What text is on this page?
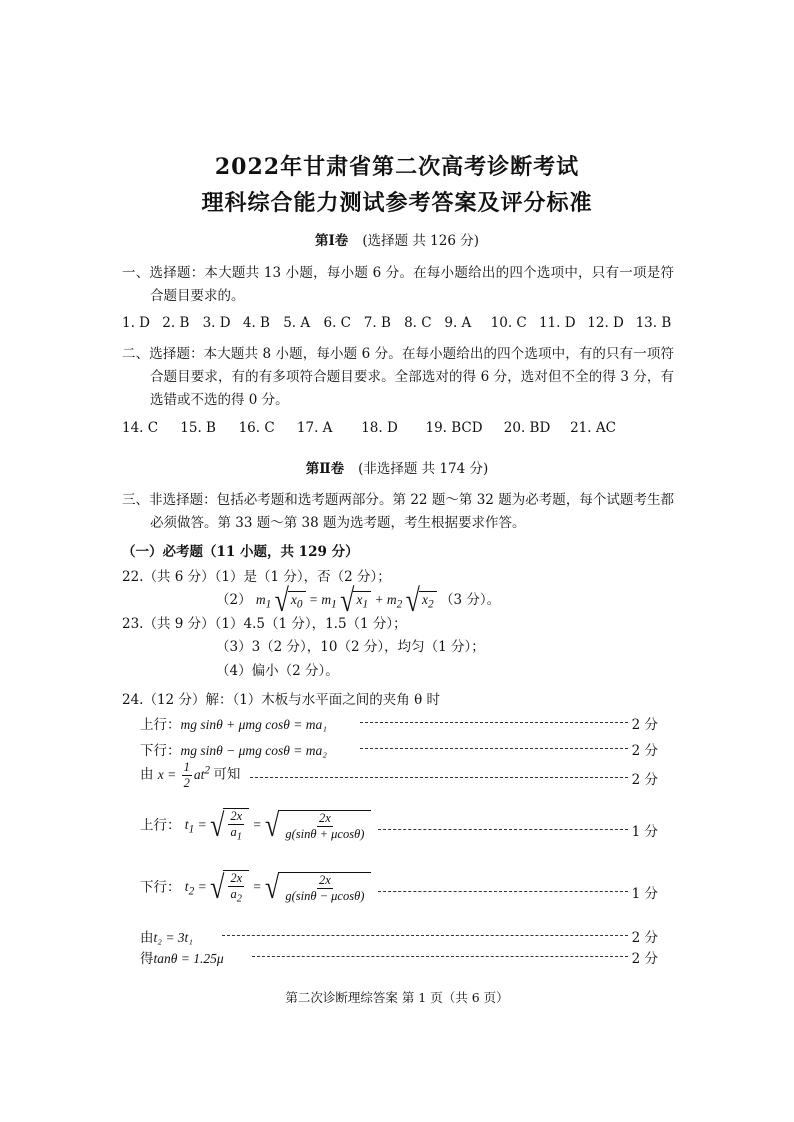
2022年甘肃省第二次高考诊断考试
理科综合能力测试参考答案及评分标准
第Ⅰ卷 (选择题 共 126 分)
一、选择题：本大题共 13 小题，每小题 6 分。在每小题给出的四个选项中，只有一项是符合题目要求的。
1. D 2. B 3. D 4. B 5. A 6. C 7. B 8. C 9. A 10. C 11. D 12. D 13. B
二、选择题：本大题共 8 小题，每小题 6 分。在每小题给出的四个选项中，有的只有一项符合题目要求，有的有多项符合题目要求。全部选对的得 6 分，选对但不全的得 3 分，有选错或不选的得 0 分。
14. C 15. B 16. C 17. A 18. D 19. BCD 20. BD 21. AC
第Ⅱ卷 (非选择题 共 174 分)
三、非选择题：包括必考题和选考题两部分。第 22 题～第 32 题为必考题，每个试题考生都必须做答。第 33 题～第 38 题为选考题，考生根据要求作答。
（一）必考题（11 小题，共 129 分）
22.（共 6 分）（1）是（1 分），否（2 分）；
（2） $m_1$ √ $x_0 = m_1$ √ $x_1 + m_2$ √ $x_2$ （3 分）。
23.（共 9 分）（1）4.5（1 分），1.5（1 分）；
（3）3（2 分），10（2 分），均匀（1 分）；
（4）偏小（2 分）。
24.（12 分）解：（1）木板与水平面之间的夹角 θ 时
上行：mg sinθ + μmg cosθ = ma₁	2 分
下行：mg sinθ − μmg cosθ = ma₂	2 分
由 $x = \frac{1}{2} at^2$ 可知	2 分
上行： $t_1$ = √ $\frac{2x}{a_1}$ = √ $\frac{2x}{g(\sin\theta + \mu\cos\theta)}$	1 分
下行： $t_2$ = √ $\frac{2x}{a_2}$ = √ $\frac{2x}{g(\sin\theta - \mu\cos\theta)}$	1 分
由t₂ = 3t₁	2 分
得tanθ = 1.25μ	2 分
第二次诊断理综答案 第 1 页（共 6 页）
